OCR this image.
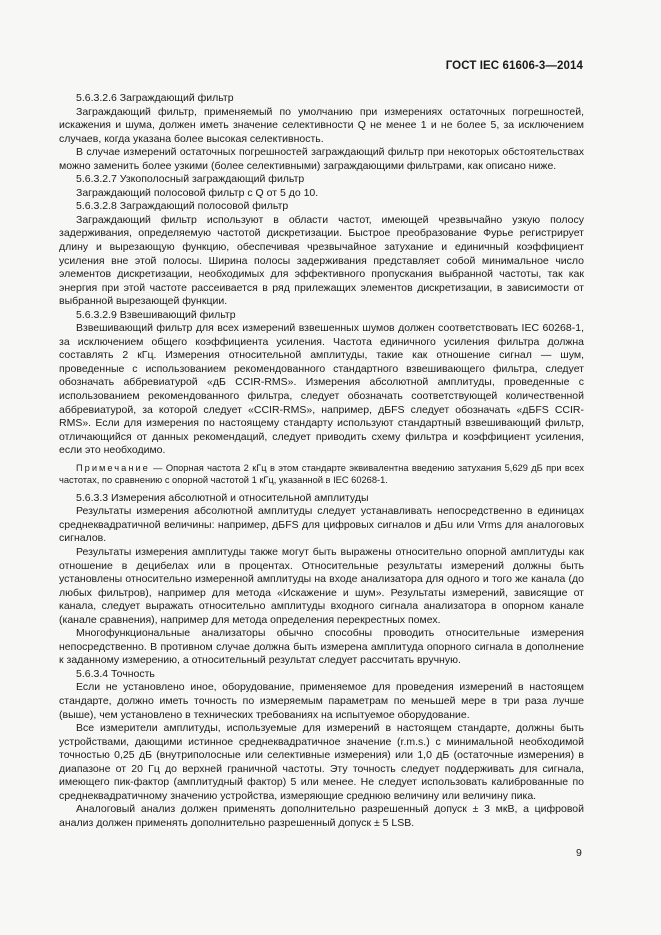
ГОСТ IEC 61606-3—2014

5.6.3.2.6 Заграждающий фильтр

Заграждающий фильтр, применяемый по умолчанию при измерениях остаточных погрешностей, искажения и шума, должен иметь значение селективности Q не менее 1 и не более 5, за исключением случаев, когда указана более высокая селективность.

В случае измерений остаточных погрешностей заграждающий фильтр при некоторых обстоятельствах можно заменить более узкими (более селективными) заграждающими фильтрами, как описано ниже.

5.6.3.2.7 Узкополосный заграждающий фильтр

Заграждающий полосовой фильтр с Q от 5 до 10.

5.6.3.2.8 Заграждающий полосовой фильтр

Заграждающий фильтр используют в области частот, имеющей чрезвычайно узкую полосу задерживания, определяемую частотой дискретизации. Быстрое преобразование Фурье регистрирует длину и вырезающую функцию, обеспечивая чрезвычайное затухание и единичный коэффициент усиления вне этой полосы. Ширина полосы задерживания представляет собой минимальное число элементов дискретизации, необходимых для эффективного пропускания выбранной частоты, так как энергия при этой частоте рассеивается в ряд прилежащих элементов дискретизации, в зависимости от выбранной вырезающей функции.

5.6.3.2.9 Взвешивающий фильтр

Взвешивающий фильтр для всех измерений взвешенных шумов должен соответствовать IEC 60268-1, за исключением общего коэффициента усиления. Частота единичного усиления фильтра должна составлять 2 кГц. Измерения относительной амплитуды, такие как отношение сигнал — шум, проведенные с использованием рекомендованного стандартного взвешивающего фильтра, следует обозначать аббревиатурой «дБ CCIR-RMS». Измерения абсолютной амплитуды, проведенные с использованием рекомендованного фильтра, следует обозначать соответствующей количественной аббревиатурой, за которой следует «CCIR-RMS», например, дБFS следует обозначать «дБFS CCIR-RMS». Если для измерения по настоящему стандарту используют стандартный взвешивающий фильтр, отличающийся от данных рекомендаций, следует приводить схему фильтра и коэффициент усиления, если это необходимо.

Примечание — Опорная частота 2 кГц в этом стандарте эквивалентна введению затухания 5,629 дБ при всех частотах, по сравнению с опорной частотой 1 кГц, указанной в IEC 60268-1.

5.6.3.3 Измерения абсолютной и относительной амплитуды

Результаты измерения абсолютной амплитуды следует устанавливать непосредственно в единицах среднеквадратичной величины: например, дБFS для цифровых сигналов и дБu или Vrms для аналоговых сигналов.

Результаты измерения амплитуды также могут быть выражены относительно опорной амплитуды как отношение в децибелах или в процентах. Относительные результаты измерений должны быть установлены относительно измеренной амплитуды на входе анализатора для одного и того же канала (до любых фильтров), например для метода «Искажение и шум». Результаты измерений, зависящие от канала, следует выражать относительно амплитуды входного сигнала анализатора в опорном канале (канале сравнения), например для метода определения перекрестных помех.

Многофункциональные анализаторы обычно способны проводить относительные измерения непосредственно. В противном случае должна быть измерена амплитуда опорного сигнала в дополнение к заданному измерению, а относительный результат следует рассчитать вручную.

5.6.3.4 Точность

Если не установлено иное, оборудование, применяемое для проведения измерений в настоящем стандарте, должно иметь точность по измеряемым параметрам по меньшей мере в три раза лучше (выше), чем установлено в технических требованиях на испытуемое оборудование.

Все измерители амплитуды, используемые для измерений в настоящем стандарте, должны быть устройствами, дающими истинное среднеквадратичное значение (r.m.s.) с минимальной необходимой точностью 0,25 дБ (внутриполосные или селективные измерения) или 1,0 дБ (остаточные измерения) в диапазоне от 20 Гц до верхней граничной частоты. Эту точность следует поддерживать для сигнала, имеющего пик-фактор (амплитудный фактор) 5 или менее. Не следует использовать калиброванные по среднеквадратичному значению устройства, измеряющие среднюю величину или величину пика.

Аналоговый анализ должен применять дополнительно разрешенный допуск ± 3 мкВ, а цифровой анализ должен применять дополнительно разрешенный допуск ± 5 LSB.

9
